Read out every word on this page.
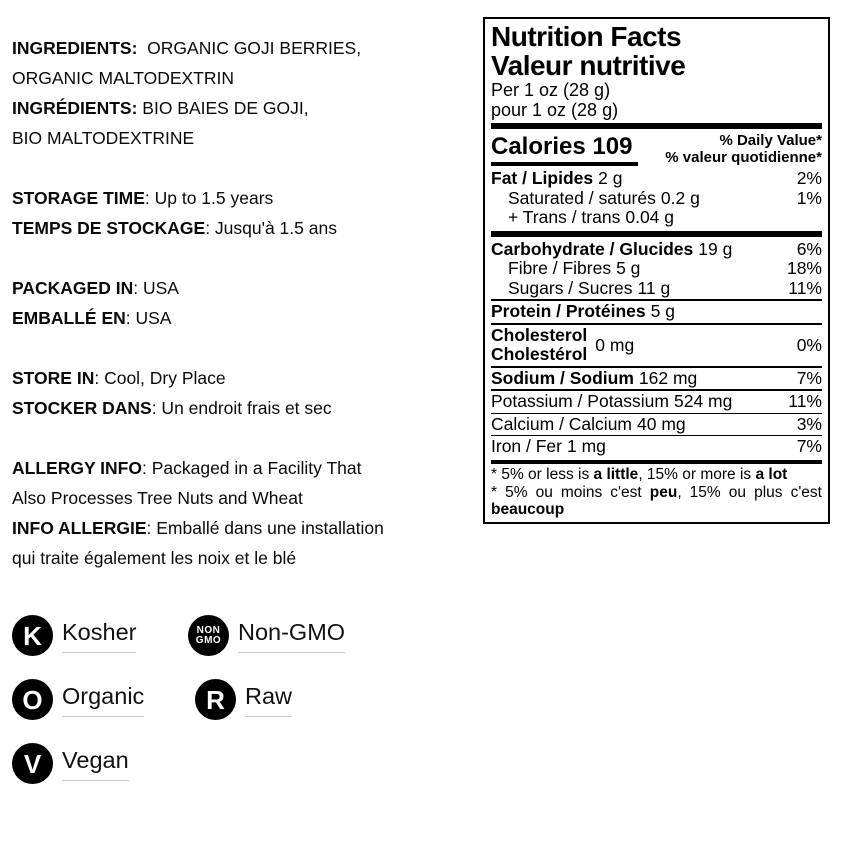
INGREDIENTS:  ORGANIC GOJI BERRIES,
ORGANIC MALTODEXTRIN
INGRÉDIENTS: BIO BAIES DE GOJI,
BIO MALTODEXTRINE
STORAGE TIME: Up to 1.5 years
TEMPS DE STOCKAGE: Jusqu'à 1.5 ans
PACKAGED IN: USA
EMBALLÉ EN: USA
STORE IN: Cool, Dry Place
STOCKER DANS: Un endroit frais et sec
ALLERGY INFO: Packaged in a Facility That
Also Processes Tree Nuts and Wheat
INFO ALLERGIE: Emballé dans une installation
qui traite également les noix et le blé
Nutrition Facts
Valeur nutritive
Per 1 oz (28 g)
pour 1 oz (28 g)
Calories 109	% Daily Value*
% valeur quotidienne*
Fat / Lipides 2 g	2%
Saturated / saturés 0.2 g	1%
+ Trans / trans 0.04 g
Carbohydrate / Glucides 19 g	6%
Fibre / Fibres 5 g	18%
Sugars / Sucres 11 g	11%
Protein / Protéines 5 g
Cholesterol
Cholestérol 0 mg	0%
Sodium / Sodium 162 mg	7%
Potassium / Potassium 524 mg	11%
Calcium / Calcium 40 mg	3%
Iron / Fer 1 mg	7%
* 5% or less is a little, 15% or more is a lot
* 5% ou moins c'est peu, 15% ou plus c'est beaucoup
K Kosher	NON
GMO Non-GMO
O Organic	R Raw
V Vegan
